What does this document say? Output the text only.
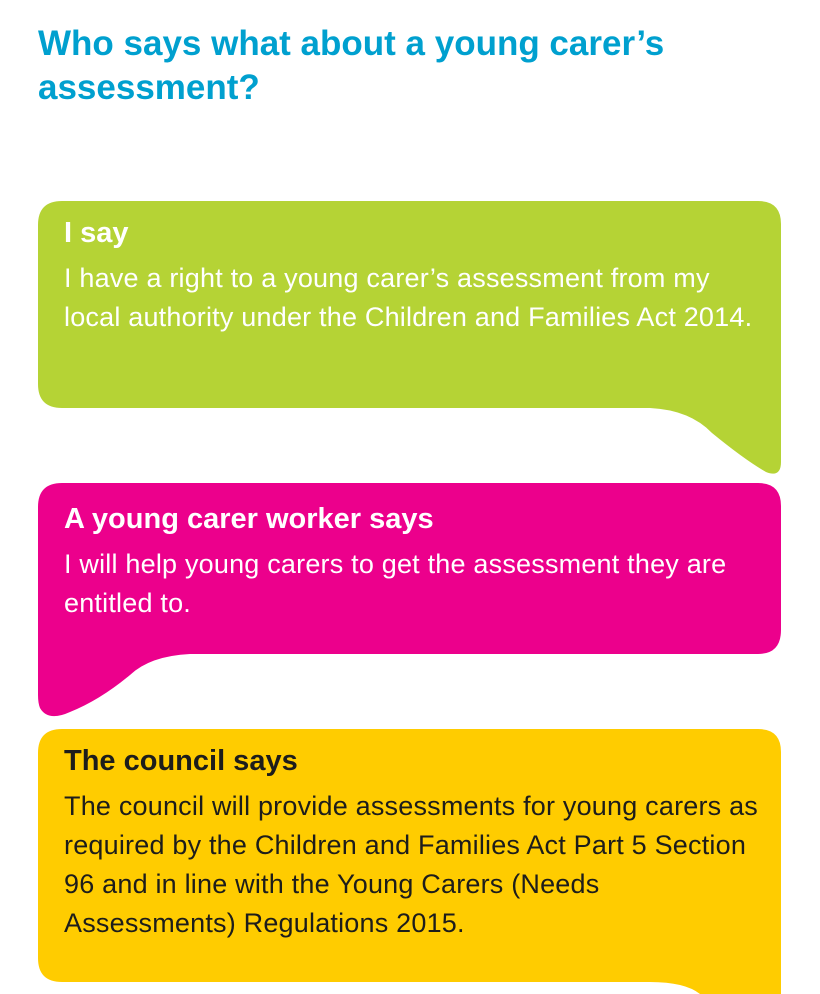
Who says what about a young carer’s assessment?
I say

I have a right to a young carer’s assessment from my local authority under the Children and Families Act 2014.

A young carer worker says

I will help young carers to get the assessment they are entitled to.

The council says

The council will provide assessments for young carers as required by the Children and Families Act Part 5 Section 96 and in line with the Young Carers (Needs Assessments) Regulations 2015.
